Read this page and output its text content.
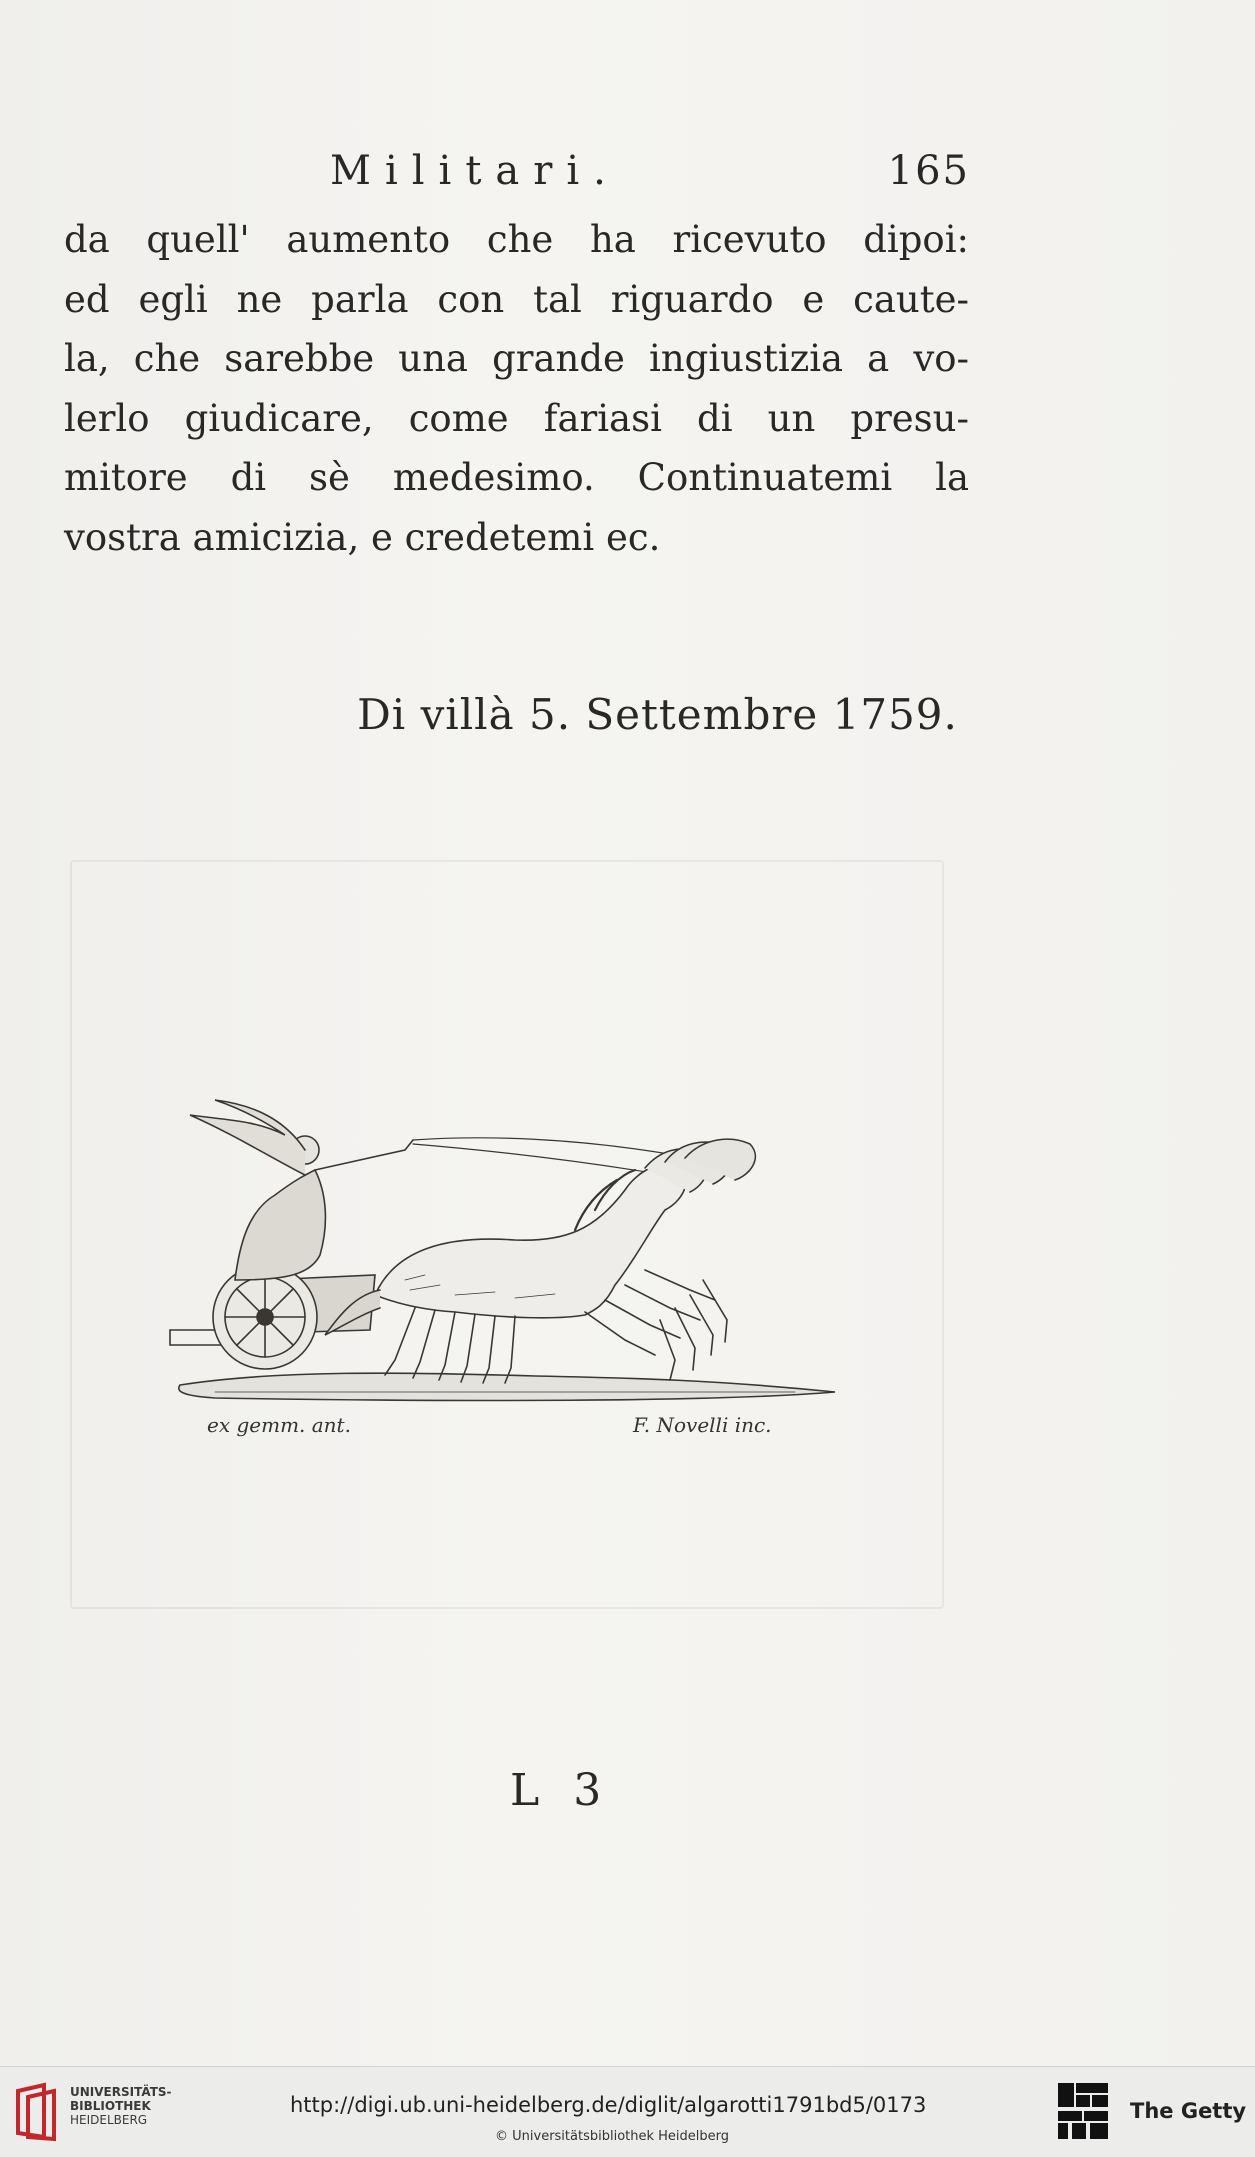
Militari.	165
da quell' aumento che ha ricevuto dipoi:
ed egli ne parla con tal riguardo e caute-
la, che sarebbe una grande ingiustizia a vo-
lerlo giudicare, come fariasi di un presu-
mitore di sè medesimo. Continuatemi la
vostra amicizia, e credetemi ec.
Di villà 5. Settembre 1759.
ex gemm. ant.	F. Novelli inc.
L 3
UNIVERSITÄTS-
BIBLIOTHEK
HEIDELBERG
http://digi.ub.uni-heidelberg.de/diglit/algarotti1791bd5/0173
© Universitätsbibliothek Heidelberg
The Getty
